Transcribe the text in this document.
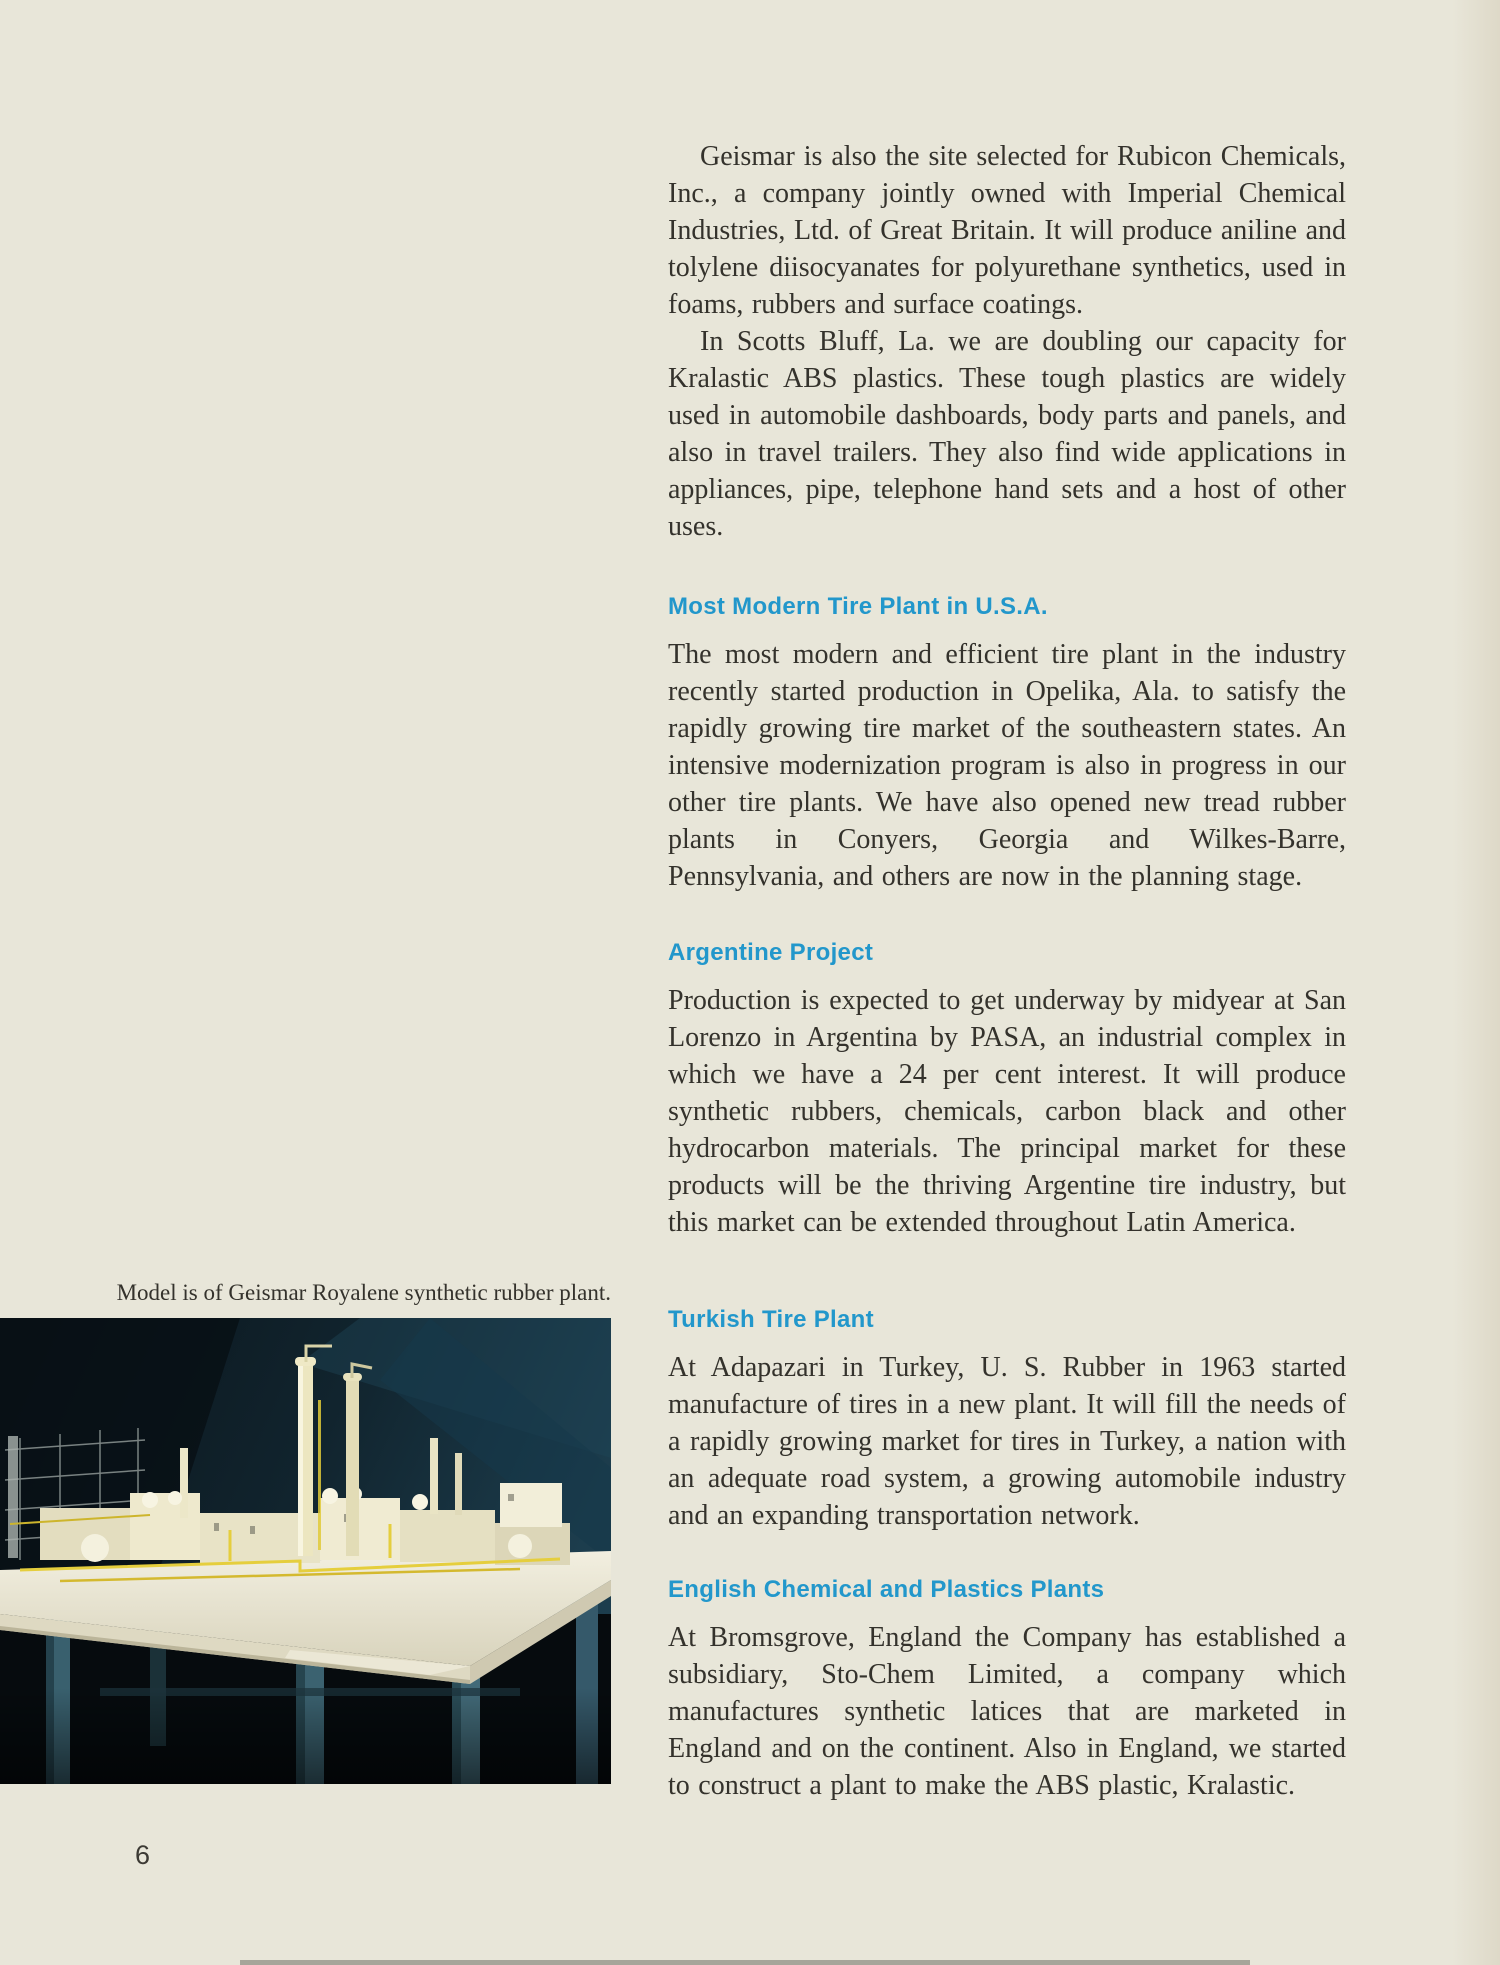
Geismar is also the site selected for Rubicon Chemicals, Inc., a company jointly owned with Imperial Chemical Industries, Ltd. of Great Britain. It will produce aniline and tolylene diisocyanates for polyurethane synthetics, used in foams, rubbers and surface coatings.

In Scotts Bluff, La. we are doubling our capacity for Kralastic ABS plastics. These tough plastics are widely used in automobile dashboards, body parts and panels, and also in travel trailers. They also find wide applications in appliances, pipe, telephone hand sets and a host of other uses.

Most Modern Tire Plant in U.S.A.

The most modern and efficient tire plant in the industry recently started production in Opelika, Ala. to satisfy the rapidly growing tire market of the southeastern states. An intensive modernization program is also in progress in our other tire plants. We have also opened new tread rubber plants in Conyers, Georgia and Wilkes-Barre, Pennsylvania, and others are now in the planning stage.

Argentine Project

Production is expected to get underway by midyear at San Lorenzo in Argentina by PASA, an industrial complex in which we have a 24 per cent interest. It will produce synthetic rubbers, chemicals, carbon black and other hydrocarbon materials. The principal market for these products will be the thriving Argentine tire industry, but this market can be extended throughout Latin America.

Turkish Tire Plant

At Adapazari in Turkey, U. S. Rubber in 1963 started manufacture of tires in a new plant. It will fill the needs of a rapidly growing market for tires in Turkey, a nation with an adequate road system, a growing automobile industry and an expanding transportation network.

English Chemical and Plastics Plants

At Bromsgrove, England the Company has established a subsidiary, Sto-Chem Limited, a company which manufactures synthetic latices that are marketed in England and on the continent. Also in England, we started to construct a plant to make the ABS plastic, Kralastic.

Model is of Geismar Royalene synthetic rubber plant.
6
